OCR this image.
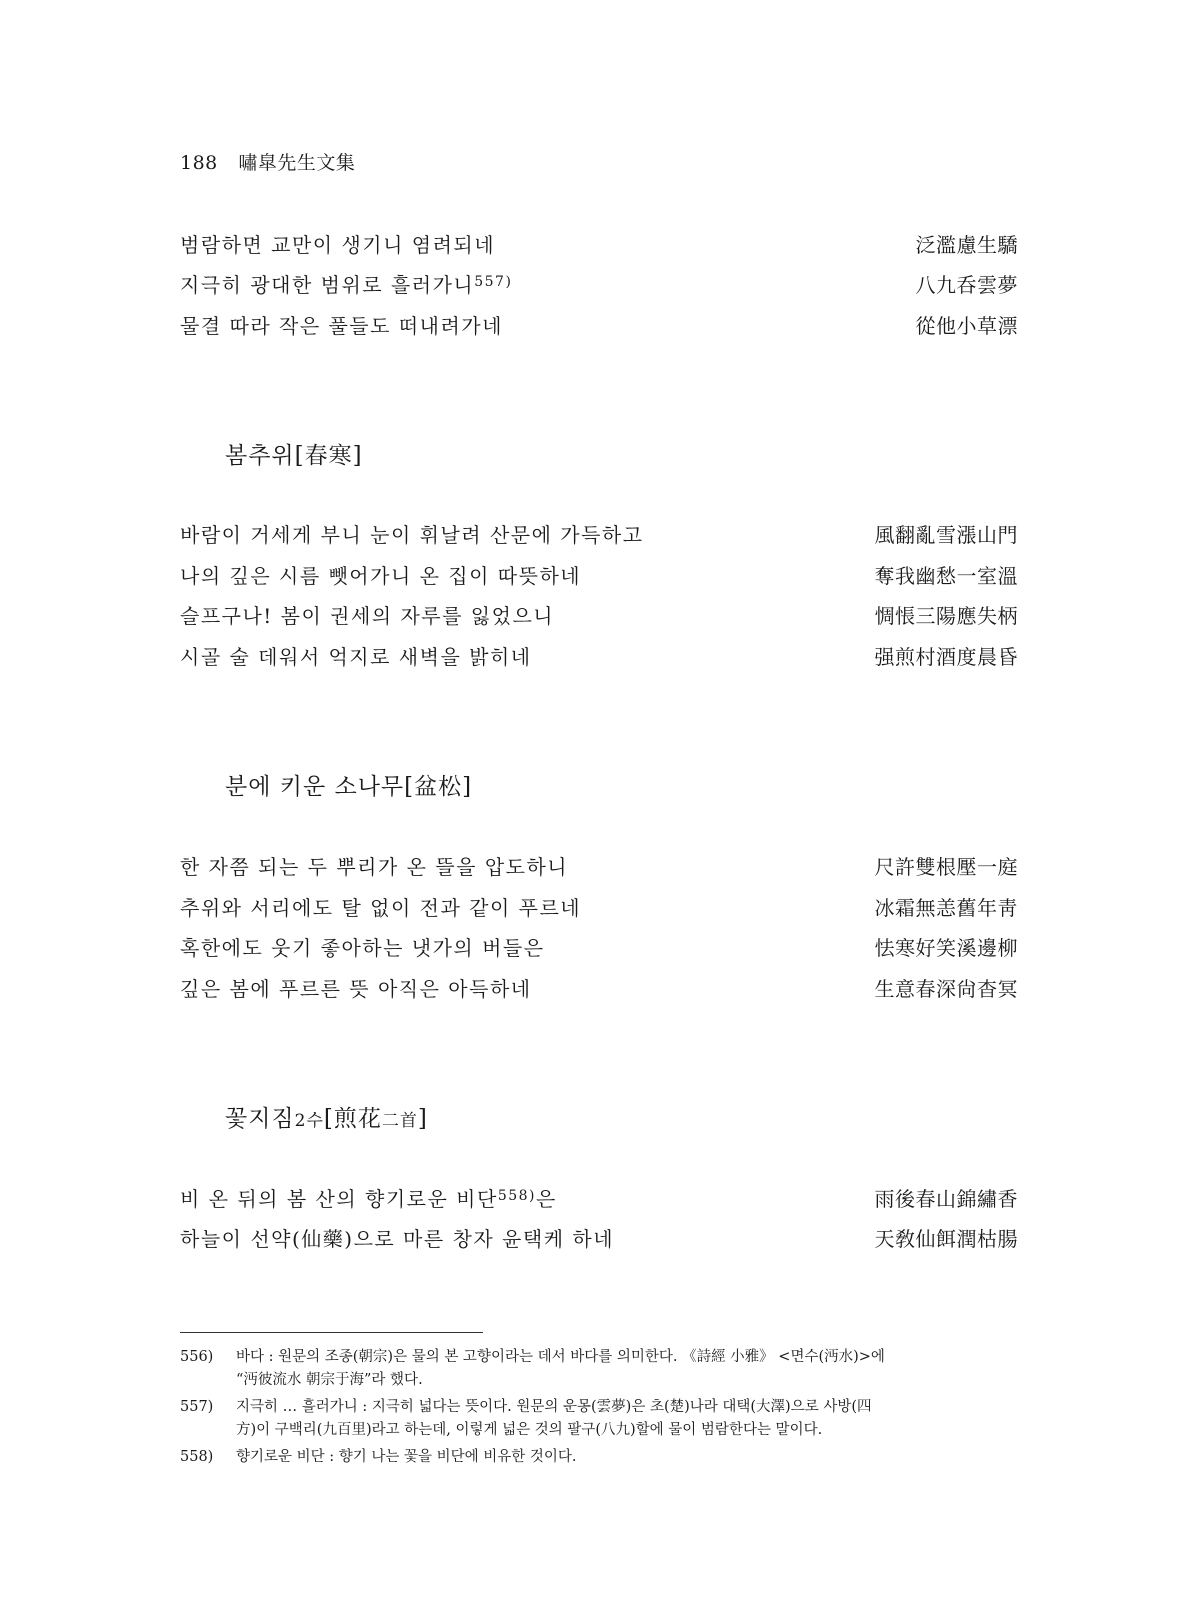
188 嘯皐先生文集
범람하면 교만이 생기니 염려되네	泛濫慮生驕
지극히 광대한 범위로 흘러가니$^{557)}$	八九呑雲夢
물결 따라 작은 풀들도 떠내려가네	從他小草漂
봄추위[春寒]
바람이 거세게 부니 눈이 휘날려 산문에 가득하고	風翻亂雪漲山門
나의 깊은 시름 뺏어가니 온 집이 따뜻하네	奪我幽愁一室溫
슬프구나! 봄이 권세의 자루를 잃었으니	惆悵三陽應失柄
시골 술 데워서 억지로 새벽을 밝히네	强煎村酒度晨昏
분에 키운 소나무[盆松]
한 자쯤 되는 두 뿌리가 온 뜰을 압도하니	尺許雙根壓一庭
추위와 서리에도 탈 없이 전과 같이 푸르네	冰霜無恙舊年靑
혹한에도 웃기 좋아하는 냇가의 버들은	怯寒好笑溪邊柳
깊은 봄에 푸르른 뜻 아직은 아득하네	生意春深尙杳冥
꽃지짐2수[煎花二首]
비 온 뒤의 봄 산의 향기로운 비단$^{558)}$은	雨後春山錦繡香
하늘이 선약(仙藥)으로 마른 창자 윤택케 하네	天敎仙餌潤枯腸
556) 바다 : 원문의 조종(朝宗)은 물의 본 고향이라는 데서 바다를 의미한다. 《詩經 小雅》 <면수(沔水)>에
“沔彼流水 朝宗于海”라 했다.
557) 지극히 … 흘러가니 : 지극히 넓다는 뜻이다. 원문의 운몽(雲夢)은 초(楚)나라 대택(大澤)으로 사방(四
方)이 구백리(九百里)라고 하는데, 이렇게 넓은 것의 팔구(八九)할에 물이 범람한다는 말이다.
558) 향기로운 비단 : 향기 나는 꽃을 비단에 비유한 것이다.
